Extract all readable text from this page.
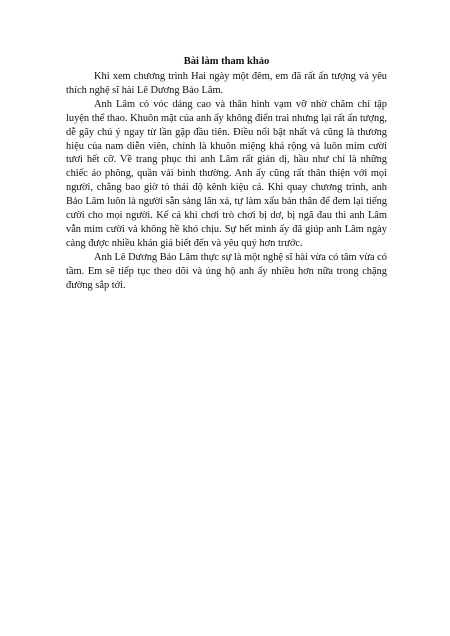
Bài làm tham khảo

Khi xem chương trình Hai ngày một đêm, em đã rất ấn tượng và yêu thích nghệ sĩ hài Lê Dương Bảo Lâm.

Anh Lâm có vóc dáng cao và thân hình vạm vỡ nhờ chăm chỉ tập luyện thể thao. Khuôn mặt của anh ấy không điển trai nhưng lại rất ấn tượng, dễ gây chú ý ngay từ lần gặp đầu tiên. Điều nổi bật nhất và cũng là thương hiệu của nam diễn viên, chính là khuôn miệng khá rộng và luôn mỉm cười tươi hết cỡ. Về trang phục thì anh Lâm rất giản dị, hầu như chỉ là những chiếc áo phông, quần vải bình thường. Anh ấy cũng rất thân thiện với mọi người, chẳng bao giờ tỏ thái độ kênh kiệu cả. Khi quay chương trình, anh Bảo Lâm luôn là người sẵn sàng lăn xả, tự làm xấu bản thân để đem lại tiếng cười cho mọi người. Kể cả khi chơi trò chơi bị dơ, bị ngã đau thì anh Lâm vẫn mỉm cười và không hề khó chịu. Sự hết mình ấy đã giúp anh Lâm ngày càng được nhiều khán giả biết đến và yêu quý hơn trước.

Anh Lê Dương Bảo Lâm thực sự là một nghệ sĩ hài vừa có tâm vừa có tầm. Em sẽ tiếp tục theo dõi và ủng hộ anh ấy nhiều hơn nữa trong chặng đường sắp tới.
